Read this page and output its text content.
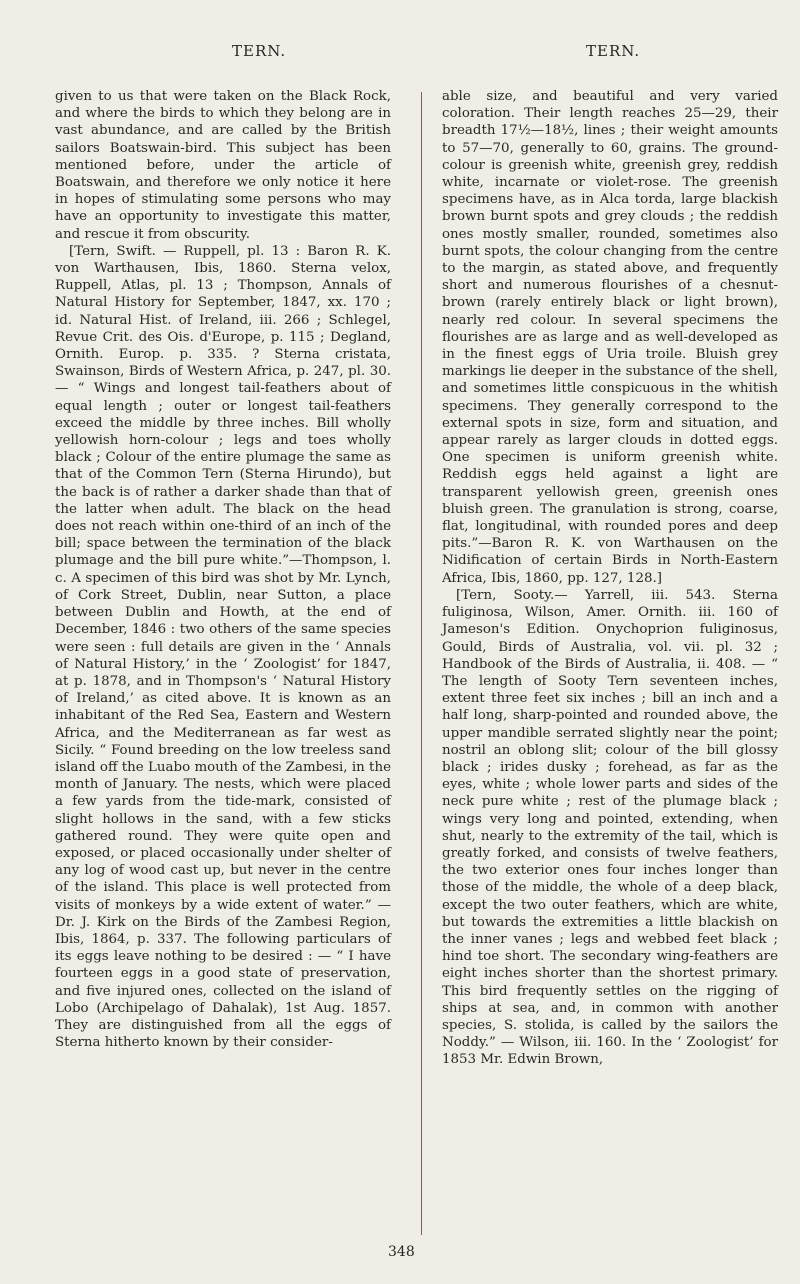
TERN.	TERN.

given to us that were taken on the Black Rock, and where the birds to which they belong are in vast abundance, and are called by the British sailors Boatswain-bird. This subject has been mentioned before, under the article of Boatswain, and therefore we only notice it here in hopes of stimulating some persons who may have an opportunity to investigate this matter, and rescue it from obscurity.

[Tern, Swift. — Ruppell, pl. 13 : Baron R. K. von Warthausen, Ibis, 1860. Sterna velox, Ruppell, Atlas, pl. 13 ; Thompson, Annals of Natural History for September, 1847, xx. 170 ; id. Natural Hist. of Ireland, iii. 266 ; Schlegel, Revue Crit. des Ois. d'Europe, p. 115 ; Degland, Ornith. Europ. p. 335. ? Sterna cristata, Swainson, Birds of Western Africa, p. 247, pl. 30. — “ Wings and longest tail-feathers about of equal length ; outer or longest tail-feathers exceed the middle by three inches. Bill wholly yellowish horn-colour ; legs and toes wholly black ; Colour of the entire plumage the same as that of the Common Tern (Sterna Hirundo), but the back is of rather a darker shade than that of the latter when adult. The black on the head does not reach within one-third of an inch of the bill; space between the termination of the black plumage and the bill pure white.”—Thompson, l. c. A specimen of this bird was shot by Mr. Lynch, of Cork Street, Dublin, near Sutton, a place between Dublin and Howth, at the end of December, 1846 : two others of the same species were seen : full details are given in the ‘ Annals of Natural History,’ in the ‘ Zoologist’ for 1847, at p. 1878, and in Thompson's ‘ Natural History of Ireland,’ as cited above. It is known as an inhabitant of the Red Sea, Eastern and Western Africa, and the Mediterranean as far west as Sicily. “ Found breeding on the low treeless sand island off the Luabo mouth of the Zambesi, in the month of January. The nests, which were placed a few yards from the tide-mark, consisted of slight hollows in the sand, with a few sticks gathered round. They were quite open and exposed, or placed occasionally under shelter of any log of wood cast up, but never in the centre of the island. This place is well protected from visits of monkeys by a wide extent of water.” — Dr. J. Kirk on the Birds of the Zambesi Region, Ibis, 1864, p. 337. The following particulars of its eggs leave nothing to be desired : — “ I have fourteen eggs in a good state of preservation, and five injured ones, collected on the island of Lobo (Archipelago of Dahalak), 1st Aug. 1857. They are distinguished from all the eggs of Sterna hitherto known by their consider-

able size, and beautiful and very varied coloration. Their length reaches 25—29, their breadth 17½—18½, lines ; their weight amounts to 57—70, generally to 60, grains. The ground-colour is greenish white, greenish grey, reddish white, incarnate or violet-rose. The greenish specimens have, as in Alca torda, large blackish brown burnt spots and grey clouds ; the reddish ones mostly smaller, rounded, sometimes also burnt spots, the colour changing from the centre to the margin, as stated above, and frequently short and numerous flourishes of a chesnut-brown (rarely entirely black or light brown), nearly red colour. In several specimens the flourishes are as large and as well-developed as in the finest eggs of Uria troile. Bluish grey markings lie deeper in the substance of the shell, and sometimes little conspicuous in the whitish specimens. They generally correspond to the external spots in size, form and situation, and appear rarely as larger clouds in dotted eggs. One specimen is uniform greenish white. Reddish eggs held against a light are transparent yellowish green, greenish ones bluish green. The granulation is strong, coarse, flat, longitudinal, with rounded pores and deep pits.”—Baron R. K. von Warthausen on the Nidification of certain Birds in North-Eastern Africa, Ibis, 1860, pp. 127, 128.]

[Tern, Sooty.— Yarrell, iii. 543. Sterna fuliginosa, Wilson, Amer. Ornith. iii. 160 of Jameson's Edition. Onychoprion fuliginosus, Gould, Birds of Australia, vol. vii. pl. 32 ; Handbook of the Birds of Australia, ii. 408. — “ The length of Sooty Tern seventeen inches, extent three feet six inches ; bill an inch and a half long, sharp-pointed and rounded above, the upper mandible serrated slightly near the point; nostril an oblong slit; colour of the bill glossy black ; irides dusky ; forehead, as far as the eyes, white ; whole lower parts and sides of the neck pure white ; rest of the plumage black ; wings very long and pointed, extending, when shut, nearly to the extremity of the tail, which is greatly forked, and consists of twelve feathers, the two exterior ones four inches longer than those of the middle, the whole of a deep black, except the two outer feathers, which are white, but towards the extremities a little blackish on the inner vanes ; legs and webbed feet black ; hind toe short. The secondary wing-feathers are eight inches shorter than the shortest primary. This bird frequently settles on the rigging of ships at sea, and, in common with another species, S. stolida, is called by the sailors the Noddy.” — Wilson, iii. 160. In the ‘ Zoologist’ for 1853 Mr. Edwin Brown,

348
